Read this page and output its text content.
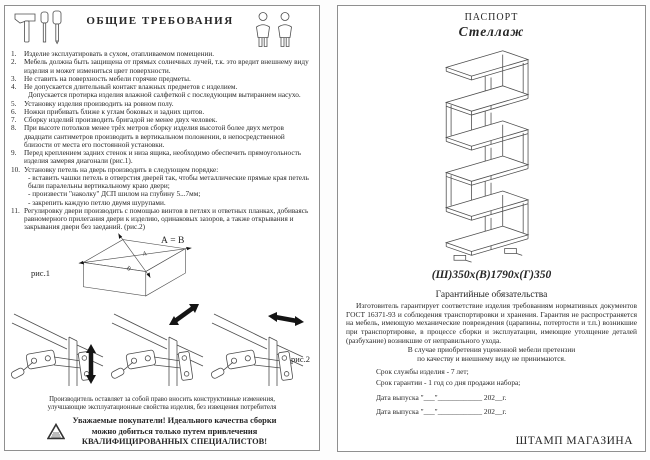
ОБЩИЕ ТРЕБОВАНИЯ
1.	Изделие эксплуатировать в сухом, отапливаемом помещении.
2.	Мебель должна быть защищена от прямых солнечных лучей, т.к. это вредит внешнему виду изделия и может измениться цвет поверхности.
3.	Не ставить на поверхность мебели горячие предметы.
4.	Не допускается длительный контакт влажных предметов с изделием.
Допускается протирка изделия влажной салфеткой с последующим вытиранием насухо.
5.	Установку изделия производить на ровном полу.
6.	Ножки прибивать ближе к углам боковых и задних щитов.
7.	Сборку изделий производить бригадой не менее двух человек.
8.	При высоте потолков менее трёх метров сборку изделия высотой более двух метров двадцати сантиметров производить в вертикальном положении, в непосредственной близости от места его постоянной установки.
9.	Перед креплением задних стенок и низа ящика, необходимо обеспечить прямоугольность изделия замеряя диагонали (рис.1).
10. Установку петель на дверь производить в следующем порядке:
- вставить чашки петель в отверстия дверей так, чтобы металлические прямые края петель были паралельны вертикальному краю двери;
- произвести "наколку" ДСП шилом на глубину 5...7мм;
- закрепить каждую петлю двумя шурупами.
11. Регулировку двери производить с помощью винтов в петлях и ответных планках, добиваясь равномерного прилегания двери к изделию, одинаковых зазоров, а также открывания и закрывания двери без заеданий. (рис.2)
рис.1
А
В
А = В
рис.2
Производитель оставляет за собой право вносить конструктивные изменения,
улучшающие эксплуатационные свойства изделия, без извещения потребителя
Уважаемые покупатели! Идеального качества сборки
можно добиться только путем привлечения
КВАЛИФИЦИРОВАННЫХ СПЕЦИАЛИСТОВ!
ПАСПОРТ
Стеллаж
(Ш)350х(В)1790х(Г)350
Гарантийные обязательства
Изготовитель гарантирует соответствие изделия требованиям нормативных документов ГОСТ 16371-93 и соблюдения транспортировки и хранения. Гарантия не распространяется на мебель, имеющую механические повреждения (царапины, потертости и т.п.) возникшие при транспортировке, в процессе сборки и эксплуатации, имеющие утолщение деталей (разбухание) возникшие от неправильного ухода.
В случае приобретения уцененной мебели претензии
по качеству и внешнему виду не принимаются.
Срок службы изделия - 7 лет;
Срок гарантии - 1 год со дня продажи набора;
Дата выпуска "___"____________ 202__г.
Дата выпуска "___"____________ 202__г.
ШТАМП МАГАЗИНА
